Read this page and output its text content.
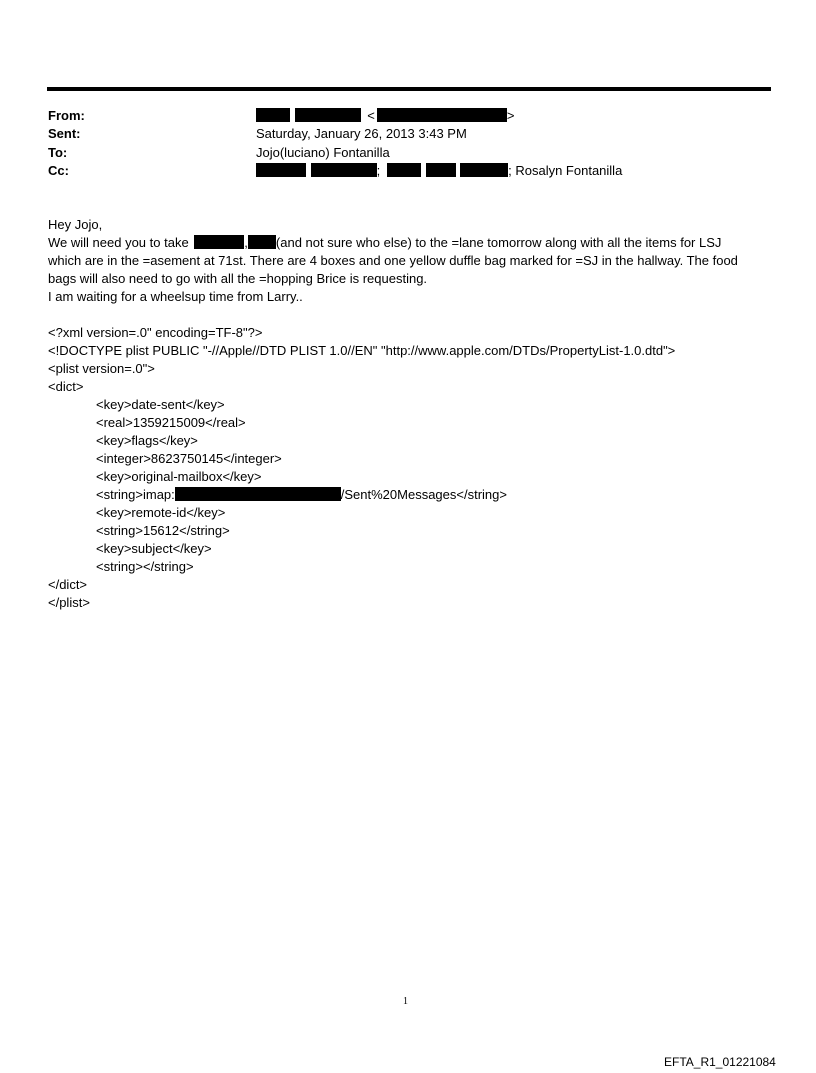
From:	<	>
Sent:	Saturday, January 26, 2013 3:43 PM
To:	Jojo(luciano) Fontanilla
Cc:	;	; Rosalyn Fontanilla
Hey Jojo,
We will need you to take	, (and not sure who else) to the =lane tomorrow along with all the items for LSJ
which are in the =asement at 71st. There are 4 boxes and one yellow duffle bag marked for =SJ in the hallway. The food
bags will also need to go with all the =hopping Brice is requesting.
I am waiting for a wheelsup time from Larry..
<?xml version=.0" encoding=TF-8"?>
<!DOCTYPE plist PUBLIC "-//Apple//DTD PLIST 1.0//EN" "http://www.apple.com/DTDs/PropertyList-1.0.dtd">
<plist version=.0">
<dict>
<key>date-sent</key>
<real>1359215009</real>
<key>flags</key>
<integer>8623750145</integer>
<key>original-mailbox</key>
<string>imap:	/Sent%20Messages</string>
<key>remote-id</key>
<string>15612</string>
<key>subject</key>
<string></string>
</dict>
</plist>
1
EFTA_R1_01221084
